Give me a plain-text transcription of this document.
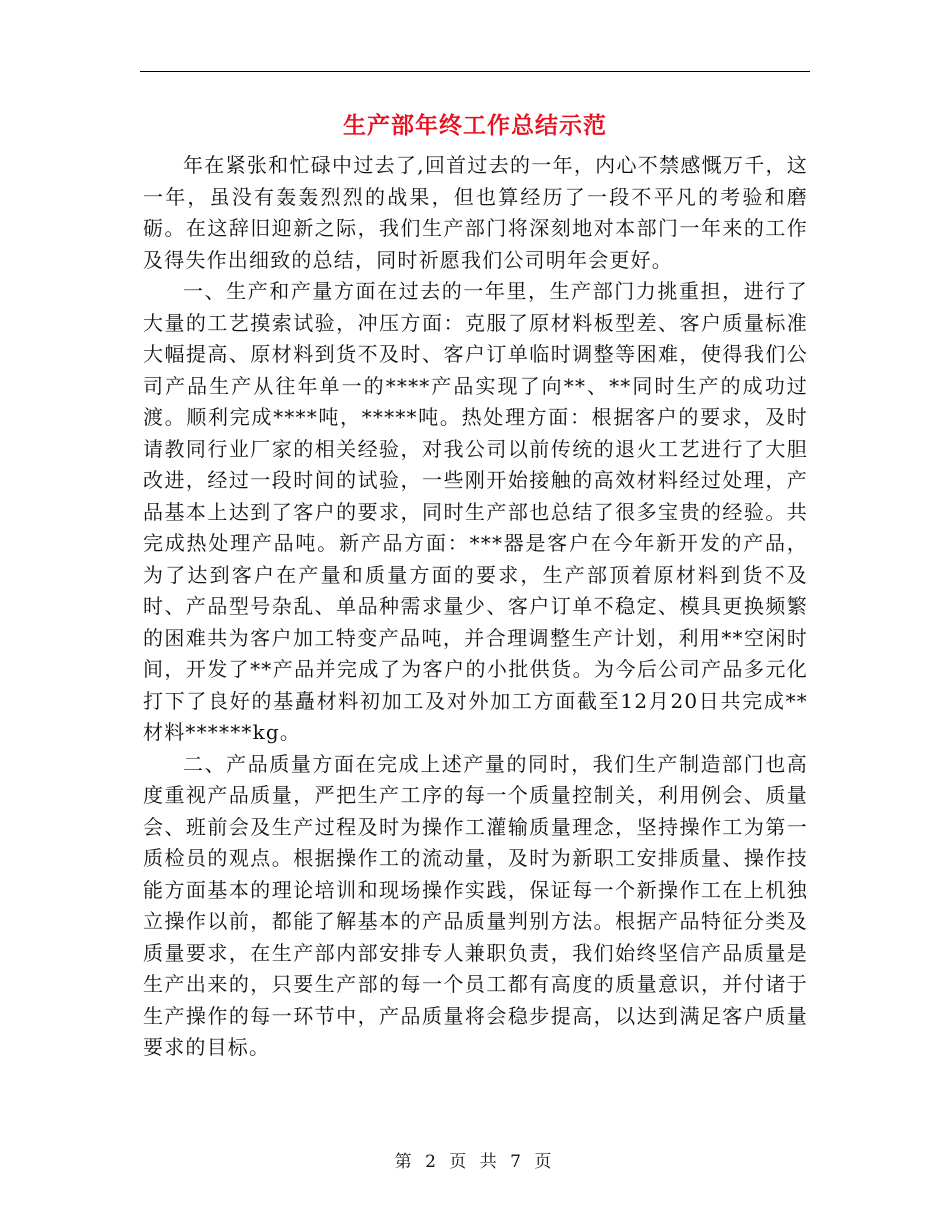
生产部年终工作总结示范

年在紧张和忙碌中过去了,回首过去的一年，内心不禁感慨万千，这一年，虽没有轰轰烈烈的战果，但也算经历了一段不平凡的考验和磨砺。在这辞旧迎新之际，我们生产部门将深刻地对本部门一年来的工作及得失作出细致的总结，同时祈愿我们公司明年会更好。

一、生产和产量方面在过去的一年里，生产部门力挑重担，进行了大量的工艺摸索试验，冲压方面：克服了原材料板型差、客户质量标准大幅提高、原材料到货不及时、客户订单临时调整等困难，使得我们公司产品生产从往年单一的****产品实现了向**、**同时生产的成功过渡。顺利完成****吨，*****吨。热处理方面：根据客户的要求，及时请教同行业厂家的相关经验，对我公司以前传统的退火工艺进行了大胆改进，经过一段时间的试验，一些刚开始接触的高效材料经过处理，产品基本上达到了客户的要求，同时生产部也总结了很多宝贵的经验。共完成热处理产品吨。新产品方面：***器是客户在今年新开发的产品，为了达到客户在产量和质量方面的要求，生产部顶着原材料到货不及时、产品型号杂乱、单品种需求量少、客户订单不稳定、模具更换频繁的困难共为客户加工特变产品吨，并合理调整生产计划，利用**空闲时间，开发了**产品并完成了为客户的小批供货。为今后公司产品多元化打下了良好的基矗材料初加工及对外加工方面截至12月20日共完成**材料******kg。

二、产品质量方面在完成上述产量的同时，我们生产制造部门也高度重视产品质量，严把生产工序的每一个质量控制关，利用例会、质量会、班前会及生产过程及时为操作工灌输质量理念，坚持操作工为第一质检员的观点。根据操作工的流动量，及时为新职工安排质量、操作技能方面基本的理论培训和现场操作实践，保证每一个新操作工在上机独立操作以前，都能了解基本的产品质量判别方法。根据产品特征分类及质量要求，在生产部内部安排专人兼职负责，我们始终坚信产品质量是生产出来的，只要生产部的每一个员工都有高度的质量意识，并付诸于生产操作的每一环节中，产品质量将会稳步提高，以达到满足客户质量要求的目标。

第 2 页 共 7 页
